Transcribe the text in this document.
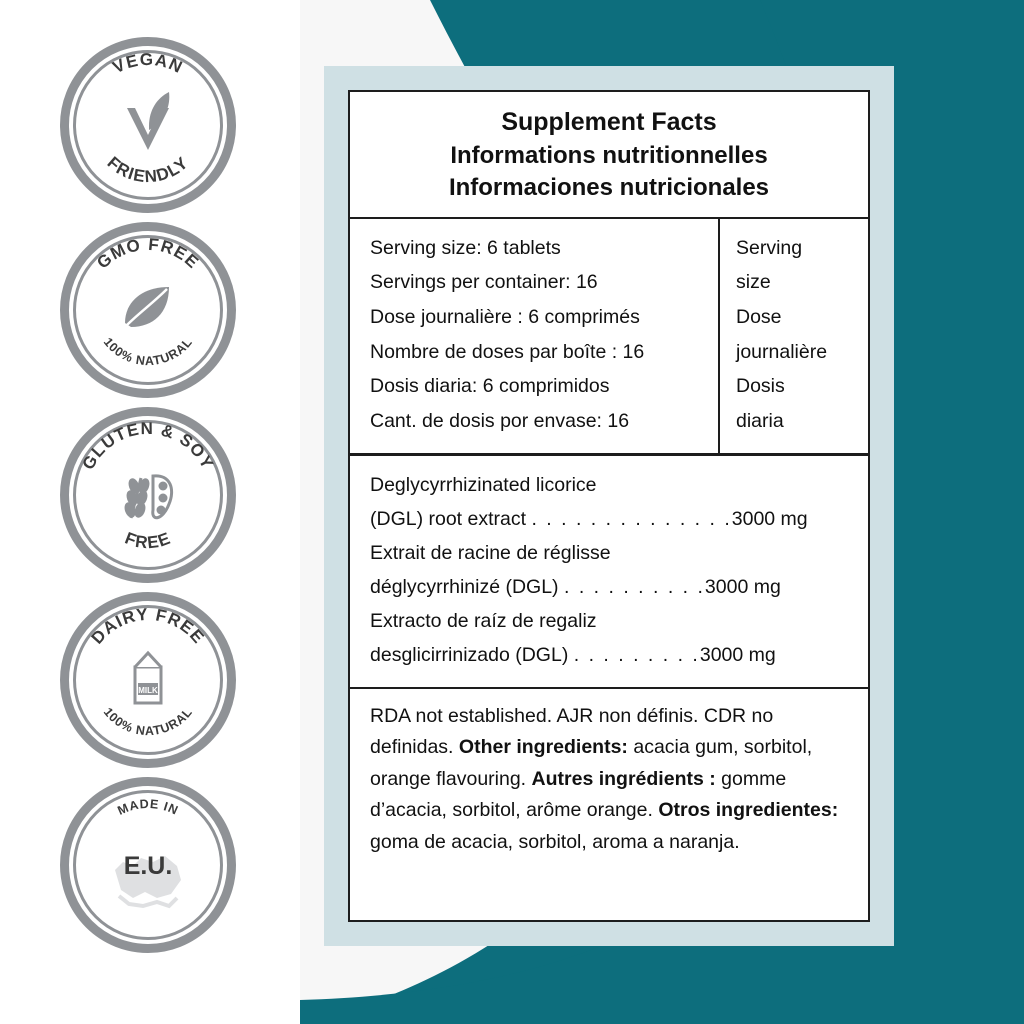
VEGAN
FRIENDLY
GMO FREE
100% NATURAL
GLUTEN & SOY
FREE
DAIRY FREE
100% NATURAL
MILK
MADE IN
E.U.
Supplement Facts
Informations nutritionnelles
Informaciones nutricionales
Serving size: 6 tablets
Servings per container: 16
Dose journalière : 6 comprimés
Nombre de doses par boîte : 16
Dosis diaria: 6 comprimidos
Cant. de dosis por envase: 16
Serving
size
Dose
journalière
Dosis
diaria
Deglycyrrhizinated licorice
(DGL) root extract . . . . . . . . . . . . . .3000 mg
Extrait de racine de réglisse
déglycyrrhinizé (DGL) . . . . . . . . . .3000 mg
Extracto de raíz de regaliz
desglicirrinizado (DGL) . . . . . . . . .3000 mg
RDA not established. AJR non définis. CDR no definidas. Other ingredients: acacia gum, sorbitol, orange flavouring. Autres ingrédients : gomme d’acacia, sorbitol, arôme orange. Otros ingredientes: goma de acacia, sorbitol, aroma a naranja.
